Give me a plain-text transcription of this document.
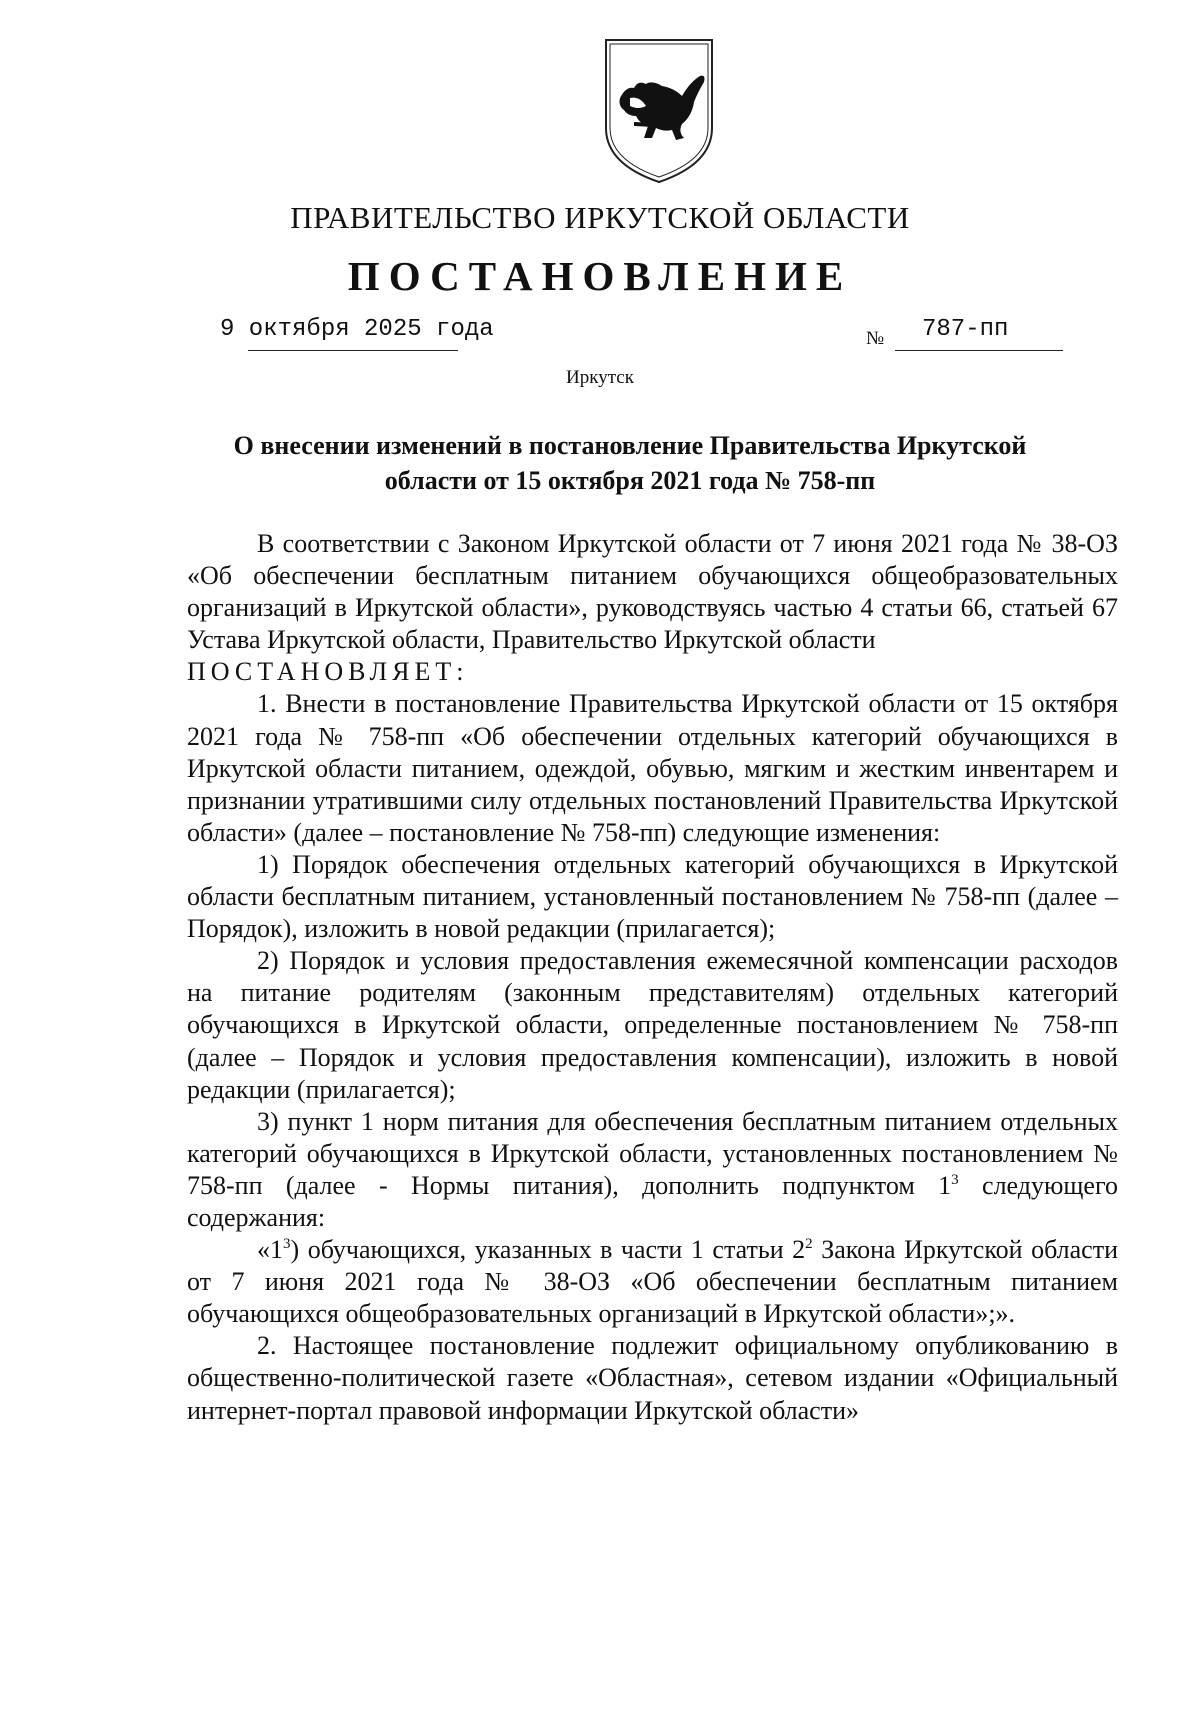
ПРАВИТЕЛЬСТВО ИРКУТСКОЙ ОБЛАСТИ
ПОСТАНОВЛЕНИЕ
9 октября 2025 года	№ 787-пп
Иркутск
О внесении изменений в постановление Правительства Иркутской
области от 15 октября 2021 года № 758-пп

В соответствии с Законом Иркутской области от 7 июня 2021 года № 38-ОЗ «Об обеспечении бесплатным питанием обучающихся общеобразовательных организаций в Иркутской области», руководствуясь частью 4 статьи 66, статьей 67 Устава Иркутской области, Правительство Иркутской области

ПОСТАНОВЛЯЕТ:

1. Внести в постановление Правительства Иркутской области от 15 октября 2021 года № 758-пп «Об обеспечении отдельных категорий обучающихся в Иркутской области питанием, одеждой, обувью, мягким и жестким инвентарем и признании утратившими силу отдельных постановлений Правительства Иркутской области» (далее – постановление № 758-пп) следующие изменения:

1) Порядок обеспечения отдельных категорий обучающихся в Иркутской области бесплатным питанием, установленный постановлением № 758-пп (далее – Порядок), изложить в новой редакции (прилагается);

2) Порядок и условия предоставления ежемесячной компенсации расходов на питание родителям (законным представителям) отдельных категорий обучающихся в Иркутской области, определенные постановлением № 758-пп (далее – Порядок и условия предоставления компенсации), изложить в новой редакции (прилагается);

3) пункт 1 норм питания для обеспечения бесплатным питанием отдельных категорий обучающихся в Иркутской области, установленных постановлением № 758-пп (далее - Нормы питания), дополнить подпунктом $1^3$ следующего содержания:

«$1^3$) обучающихся, указанных в части 1 статьи $2^2$ Закона Иркутской области от 7 июня 2021 года № 38-ОЗ «Об обеспечении бесплатным питанием обучающихся общеобразовательных организаций в Иркутской области»;».

2. Настоящее постановление подлежит официальному опубликованию в общественно-политической газете «Областная», сетевом издании «Официальный интернет-портал правовой информации Иркутской области»
